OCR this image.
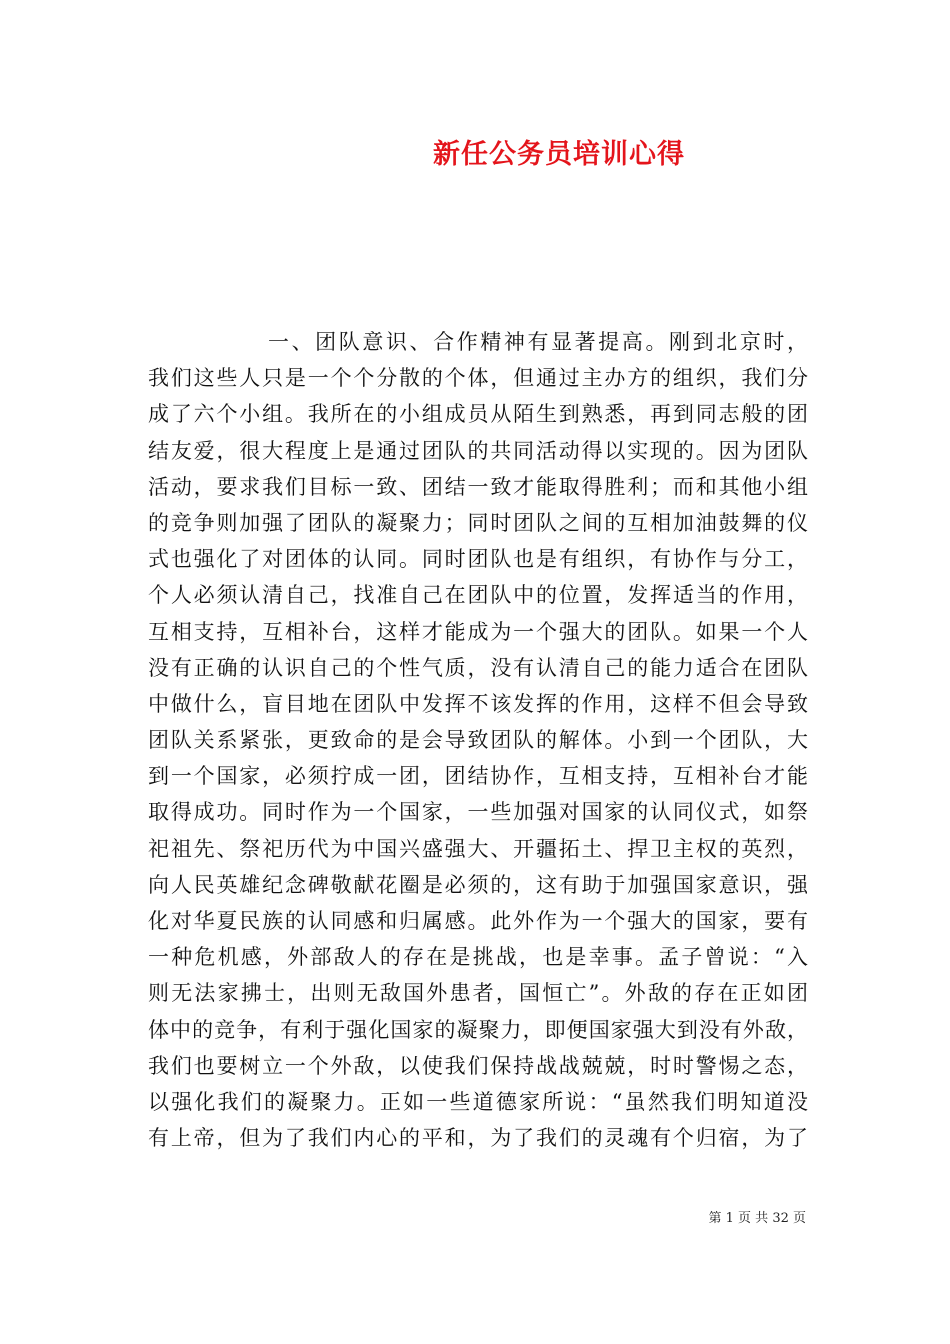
新任公务员培训心得
一、团队意识、合作精神有显著提高。刚到北京时，
我们这些人只是一个个分散的个体，但通过主办方的组织，我们分
成了六个小组。我所在的小组成员从陌生到熟悉，再到同志般的团
结友爱，很大程度上是通过团队的共同活动得以实现的。因为团队
活动，要求我们目标一致、团结一致才能取得胜利；而和其他小组
的竞争则加强了团队的凝聚力；同时团队之间的互相加油鼓舞的仪
式也强化了对团体的认同。同时团队也是有组织，有协作与分工，
个人必须认清自己，找准自己在团队中的位置，发挥适当的作用，
互相支持，互相补台，这样才能成为一个强大的团队。如果一个人
没有正确的认识自己的个性气质，没有认清自己的能力适合在团队
中做什么，盲目地在团队中发挥不该发挥的作用，这样不但会导致
团队关系紧张，更致命的是会导致团队的解体。小到一个团队，大
到一个国家，必须拧成一团，团结协作，互相支持，互相补台才能
取得成功。同时作为一个国家，一些加强对国家的认同仪式，如祭
祀祖先、祭祀历代为中国兴盛强大、开疆拓土、捍卫主权的英烈，
向人民英雄纪念碑敬献花圈是必须的，这有助于加强国家意识，强
化对华夏民族的认同感和归属感。此外作为一个强大的国家，要有
一种危机感，外部敌人的存在是挑战，也是幸事。孟子曾说：“入
则无法家拂士，出则无敌国外患者，国恒亡”。外敌的存在正如团
体中的竞争，有利于强化国家的凝聚力，即便国家强大到没有外敌，
我们也要树立一个外敌，以使我们保持战战兢兢，时时警惕之态，
以强化我们的凝聚力。正如一些道德家所说：“虽然我们明知道没
有上帝，但为了我们内心的平和，为了我们的灵魂有个归宿，为了
第 1 页 共 32 页
